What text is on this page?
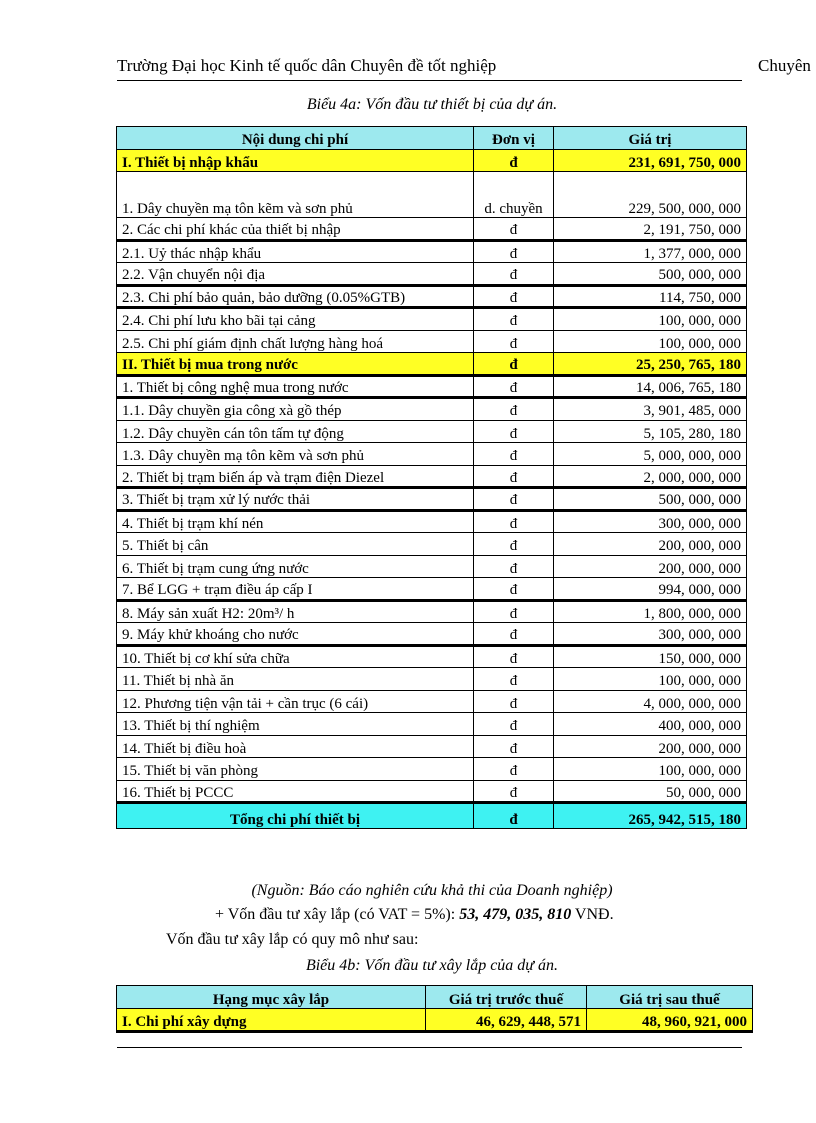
Trường Đại học Kinh tế quốc dân Chuyên đề tốt nghiệp	Chuyên
Biểu 4a: Vốn đầu tư thiết bị của dự án.
Nội dung chi phí	Đơn vị	Giá trị
I. Thiết bị nhập khẩu	đ	231, 691, 750, 000
1. Dây chuyền mạ tôn kẽm và sơn phủ	d. chuyền	229, 500, 000, 000
2. Các chi phí khác của thiết bị nhập	đ	2, 191, 750, 000
2.1. Uỷ thác nhập khẩu	đ	1, 377, 000, 000
2.2. Vận chuyển nội địa	đ	500, 000, 000
2.3. Chi phí bảo quản, bảo dưỡng (0.05%GTB)	đ	114, 750, 000
2.4. Chi phí lưu kho bãi tại cảng	đ	100, 000, 000
2.5. Chi phí giám định chất lượng hàng hoá	đ	100, 000, 000
II. Thiết bị mua trong nước	đ	25, 250, 765, 180
1. Thiết bị công nghệ mua trong nước	đ	14, 006, 765, 180
1.1. Dây chuyền gia công xà gồ thép	đ	3, 901, 485, 000
1.2. Dây chuyền cán tôn tấm tự động	đ	5, 105, 280, 180
1.3. Dây chuyền mạ tôn kẽm và sơn phủ	đ	5, 000, 000, 000
2. Thiết bị trạm biến áp và trạm điện Diezel	đ	2, 000, 000, 000
3. Thiết bị trạm xử lý nước thải	đ	500, 000, 000
4. Thiết bị trạm khí nén	đ	300, 000, 000
5. Thiết bị cân	đ	200, 000, 000
6. Thiết bị trạm cung ứng nước	đ	200, 000, 000
7. Bể LGG + trạm điều áp cấp I	đ	994, 000, 000
8. Máy sản xuất H2: 20m³/ h	đ	1, 800, 000, 000
9. Máy khử khoáng cho nước	đ	300, 000, 000
10. Thiết bị cơ khí sửa chữa	đ	150, 000, 000
11. Thiết bị nhà ăn	đ	100, 000, 000
12. Phương tiện vận tải + cần trục (6 cái)	đ	4, 000, 000, 000
13. Thiết bị thí nghiệm	đ	400, 000, 000
14. Thiết bị điều hoà	đ	200, 000, 000
15. Thiết bị văn phòng	đ	100, 000, 000
16. Thiết bị PCCC	đ	50, 000, 000
Tổng chi phí thiết bị	đ	265, 942, 515, 180
(Nguồn: Báo cáo nghiên cứu khả thi của Doanh nghiệp)
+ Vốn đầu tư xây lắp (có VAT = 5%): 53, 479, 035, 810 VNĐ.
Vốn đầu tư xây lắp có quy mô như sau:
Biểu 4b: Vốn đầu tư xây lắp của dự án.
Hạng mục xây lắp	Giá trị trước thuế	Giá trị sau thuế
I. Chi phí xây dựng	46, 629, 448, 571	48, 960, 921, 000
